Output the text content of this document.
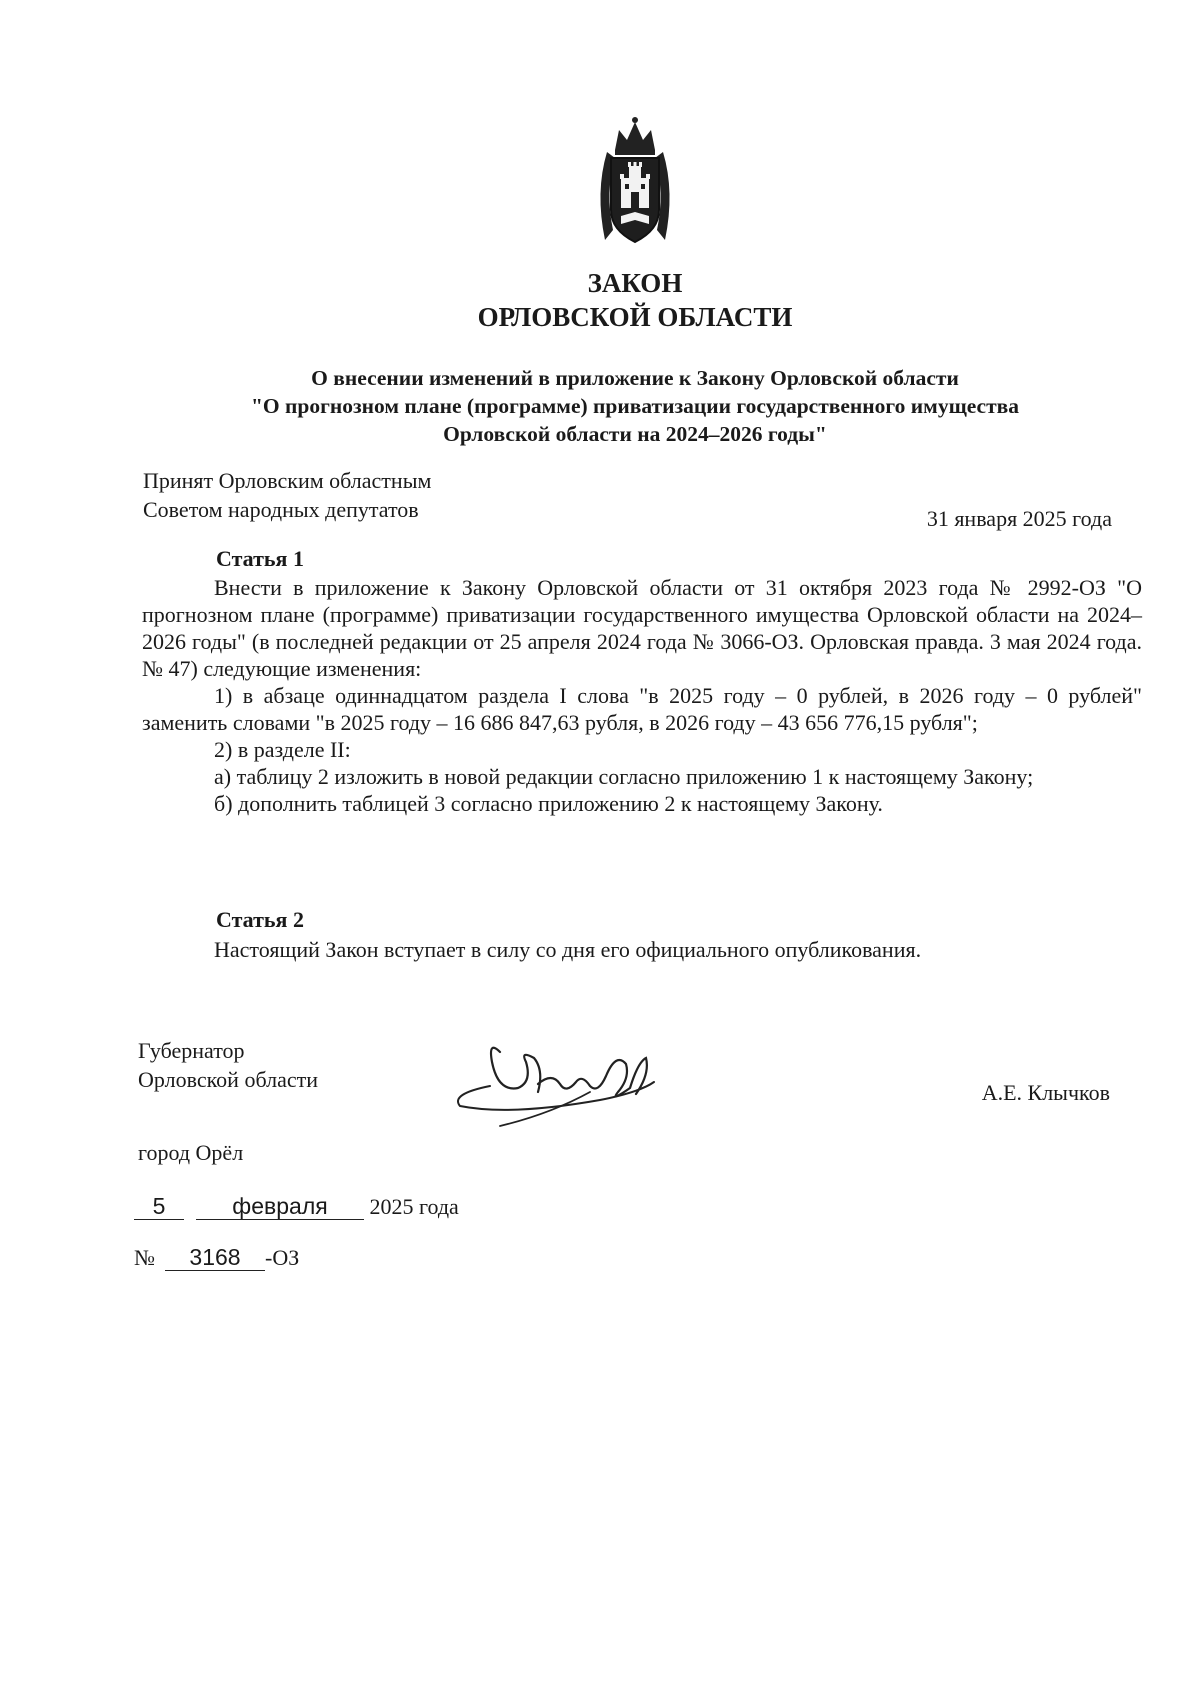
ЗАКОН
ОРЛОВСКОЙ ОБЛАСТИ
О внесении изменений в приложение к Закону Орловской области
"О прогнозном плане (программе) приватизации государственного имущества
Орловской области на 2024–2026 годы"
Принят Орловским областным
Советом народных депутатов	31 января 2025 года
Статья 1

Внести в приложение к Закону Орловской области от 31 октября 2023 года № 2992-ОЗ "О прогнозном плане (программе) приватизации государственного имущества Орловской области на 2024–2026 годы" (в последней редакции от 25 апреля 2024 года № 3066-ОЗ. Орловская правда. 3 мая 2024 года. № 47) следующие изменения:

1) в абзаце одиннадцатом раздела I слова "в 2025 году – 0 рублей, в 2026 году – 0 рублей" заменить словами "в 2025 году – 16 686 847,63 рубля, в 2026 году – 43 656 776,15 рубля";

2) в разделе II:

а) таблицу 2 изложить в новой редакции согласно приложению 1 к настоящему Закону;

б) дополнить таблицей 3 согласно приложению 2 к настоящему Закону.

Статья 2

Настоящий Закон вступает в силу со дня его официального опубликования.

Губернатор
Орловской области
А.Е. Клычков
город Орёл
5	февраля 2025 года
№ 3168 -ОЗ
